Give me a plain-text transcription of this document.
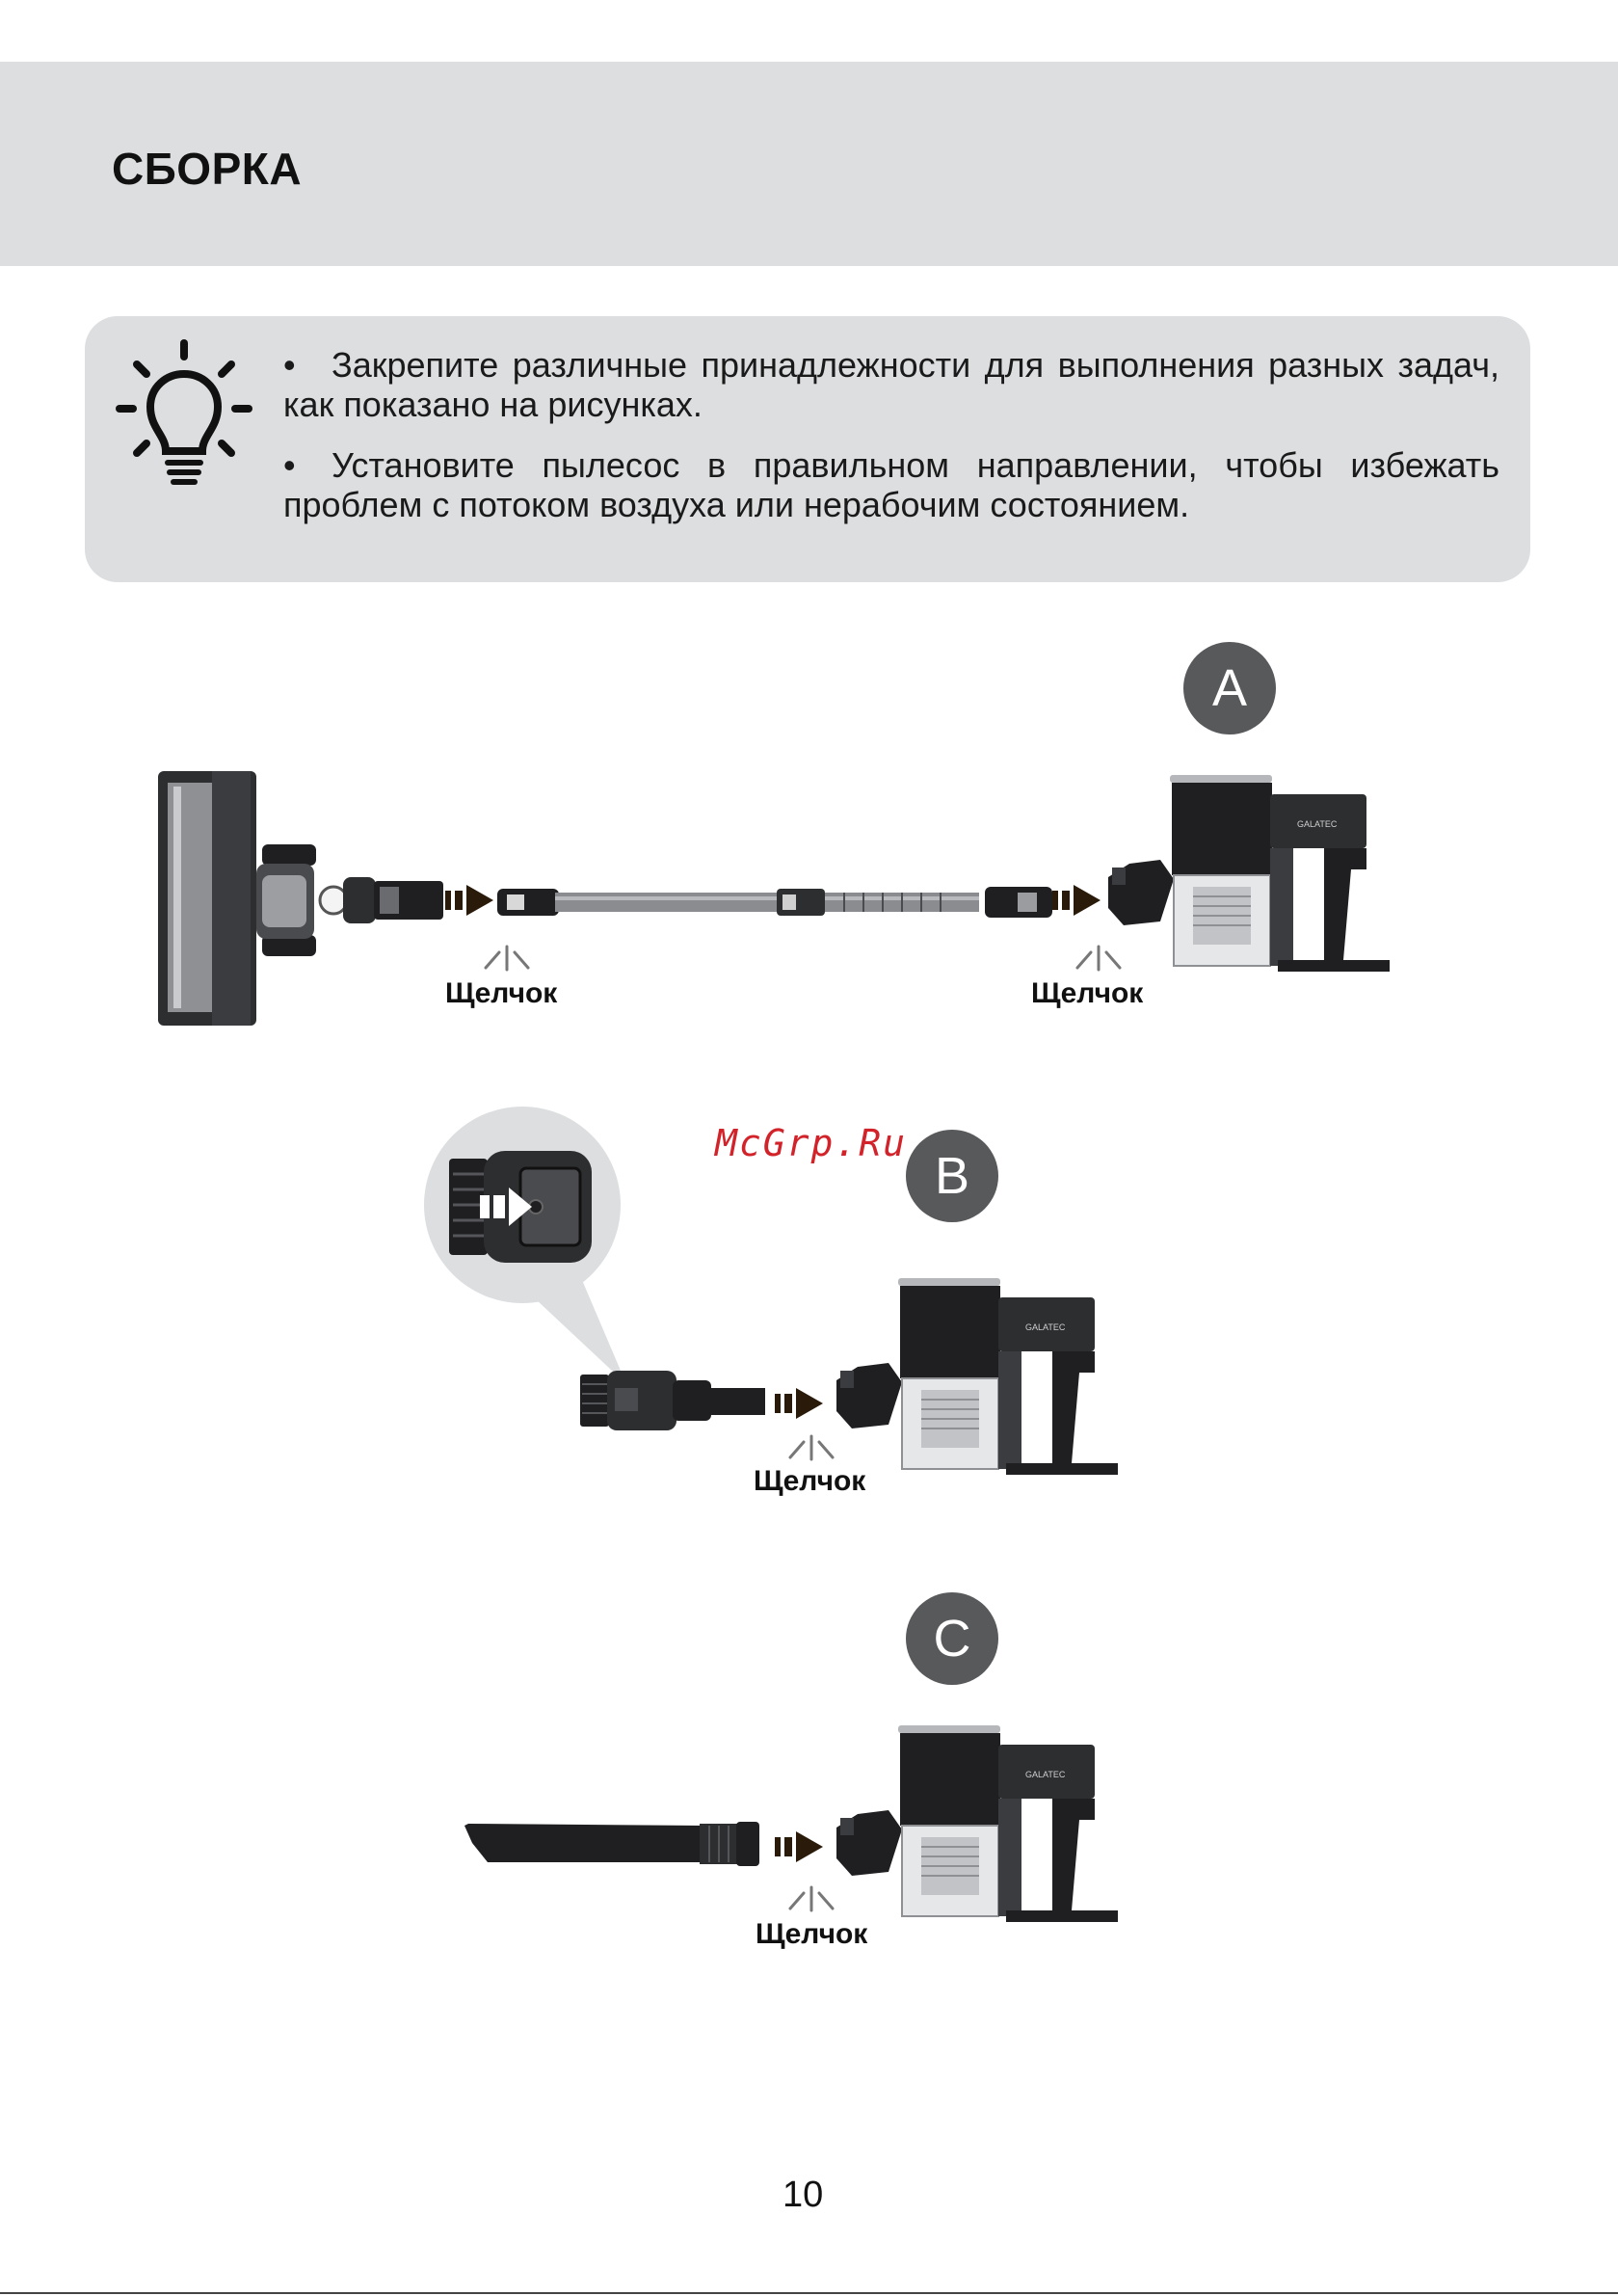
СБОРКА
• Закрепите различные принадлежности для выполнения разных задач, как показано на рисунках.
• Установите пылесос в правильном направлении, чтобы избежать проблем с потоком воздуха или нерабочим состоянием.
A
GALATEC
Щелчок	Щелчок
McGrp.Ru
B
GALATEC
Щелчок
C
GALATEC
Щелчок
10
